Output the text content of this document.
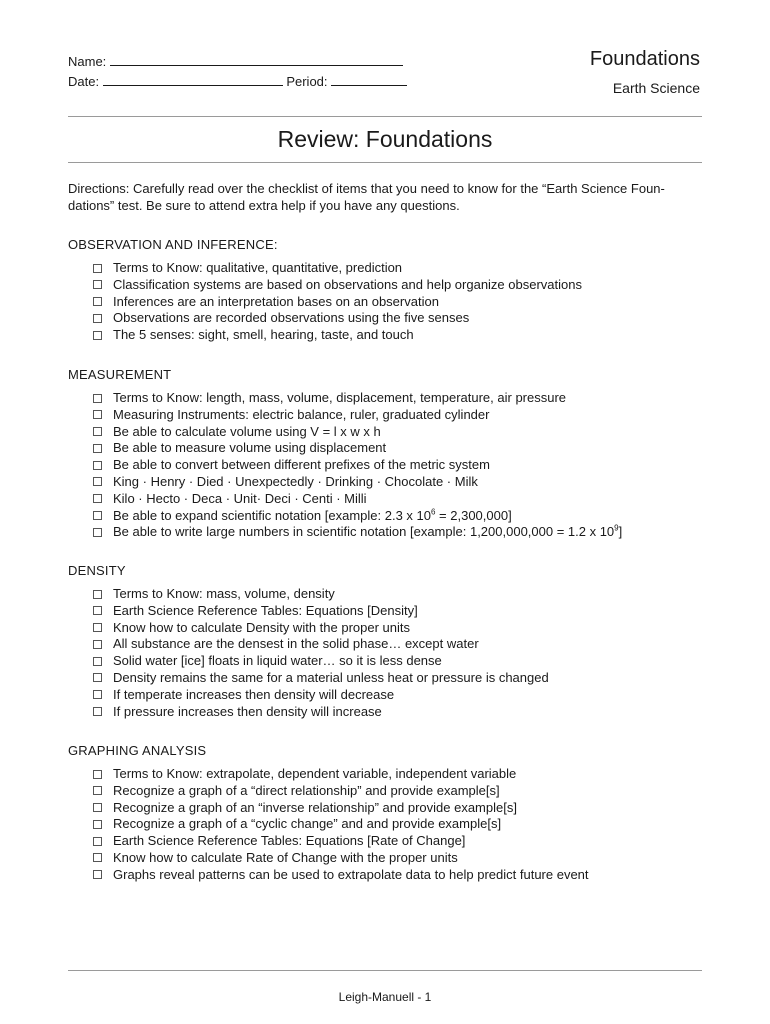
Name:
Date:	Period:
Foundations
Earth Science
Review: Foundations
Directions: Carefully read over the checklist of items that you need to know for the “Earth Science Foun-dations” test. Be sure to attend extra help if you have any questions.
OBSERVATION AND INFERENCE:
Terms to Know: qualitative, quantitative, prediction
Classification systems are based on observations and help organize observations
Inferences are an interpretation bases on an observation
Observations are recorded observations using the five senses
The 5 senses: sight, smell, hearing, taste, and touch
MEASUREMENT
Terms to Know: length, mass, volume, displacement, temperature, air pressure
Measuring Instruments: electric balance, ruler, graduated cylinder
Be able to calculate volume using V = l x w x h
Be able to measure volume using displacement
Be able to convert between different prefixes of the metric system
King · Henry · Died · Unexpectedly · Drinking · Chocolate · Milk
Kilo · Hecto · Deca · Unit· Deci · Centi · Milli
Be able to expand scientific notation [example: 2.3 x $10^6 = 2,300,000$]
Be able to write large numbers in scientific notation [example: 1,200,000,000 = 1.2 x $10^9$]
DENSITY
Terms to Know: mass, volume, density
Earth Science Reference Tables: Equations [Density]
Know how to calculate Density with the proper units
All substance are the densest in the solid phase… except water
Solid water [ice] floats in liquid water… so it is less dense
Density remains the same for a material unless heat or pressure is changed
If temperate increases then density will decrease
If pressure increases then density will increase
GRAPHING ANALYSIS
Terms to Know: extrapolate, dependent variable, independent variable
Recognize a graph of a “direct relationship” and provide example[s]
Recognize a graph of an “inverse relationship” and provide example[s]
Recognize a graph of a “cyclic change” and and provide example[s]
Earth Science Reference Tables: Equations [Rate of Change]
Know how to calculate Rate of Change with the proper units
Graphs reveal patterns can be used to extrapolate data to help predict future event
Leigh-Manuell - 1
